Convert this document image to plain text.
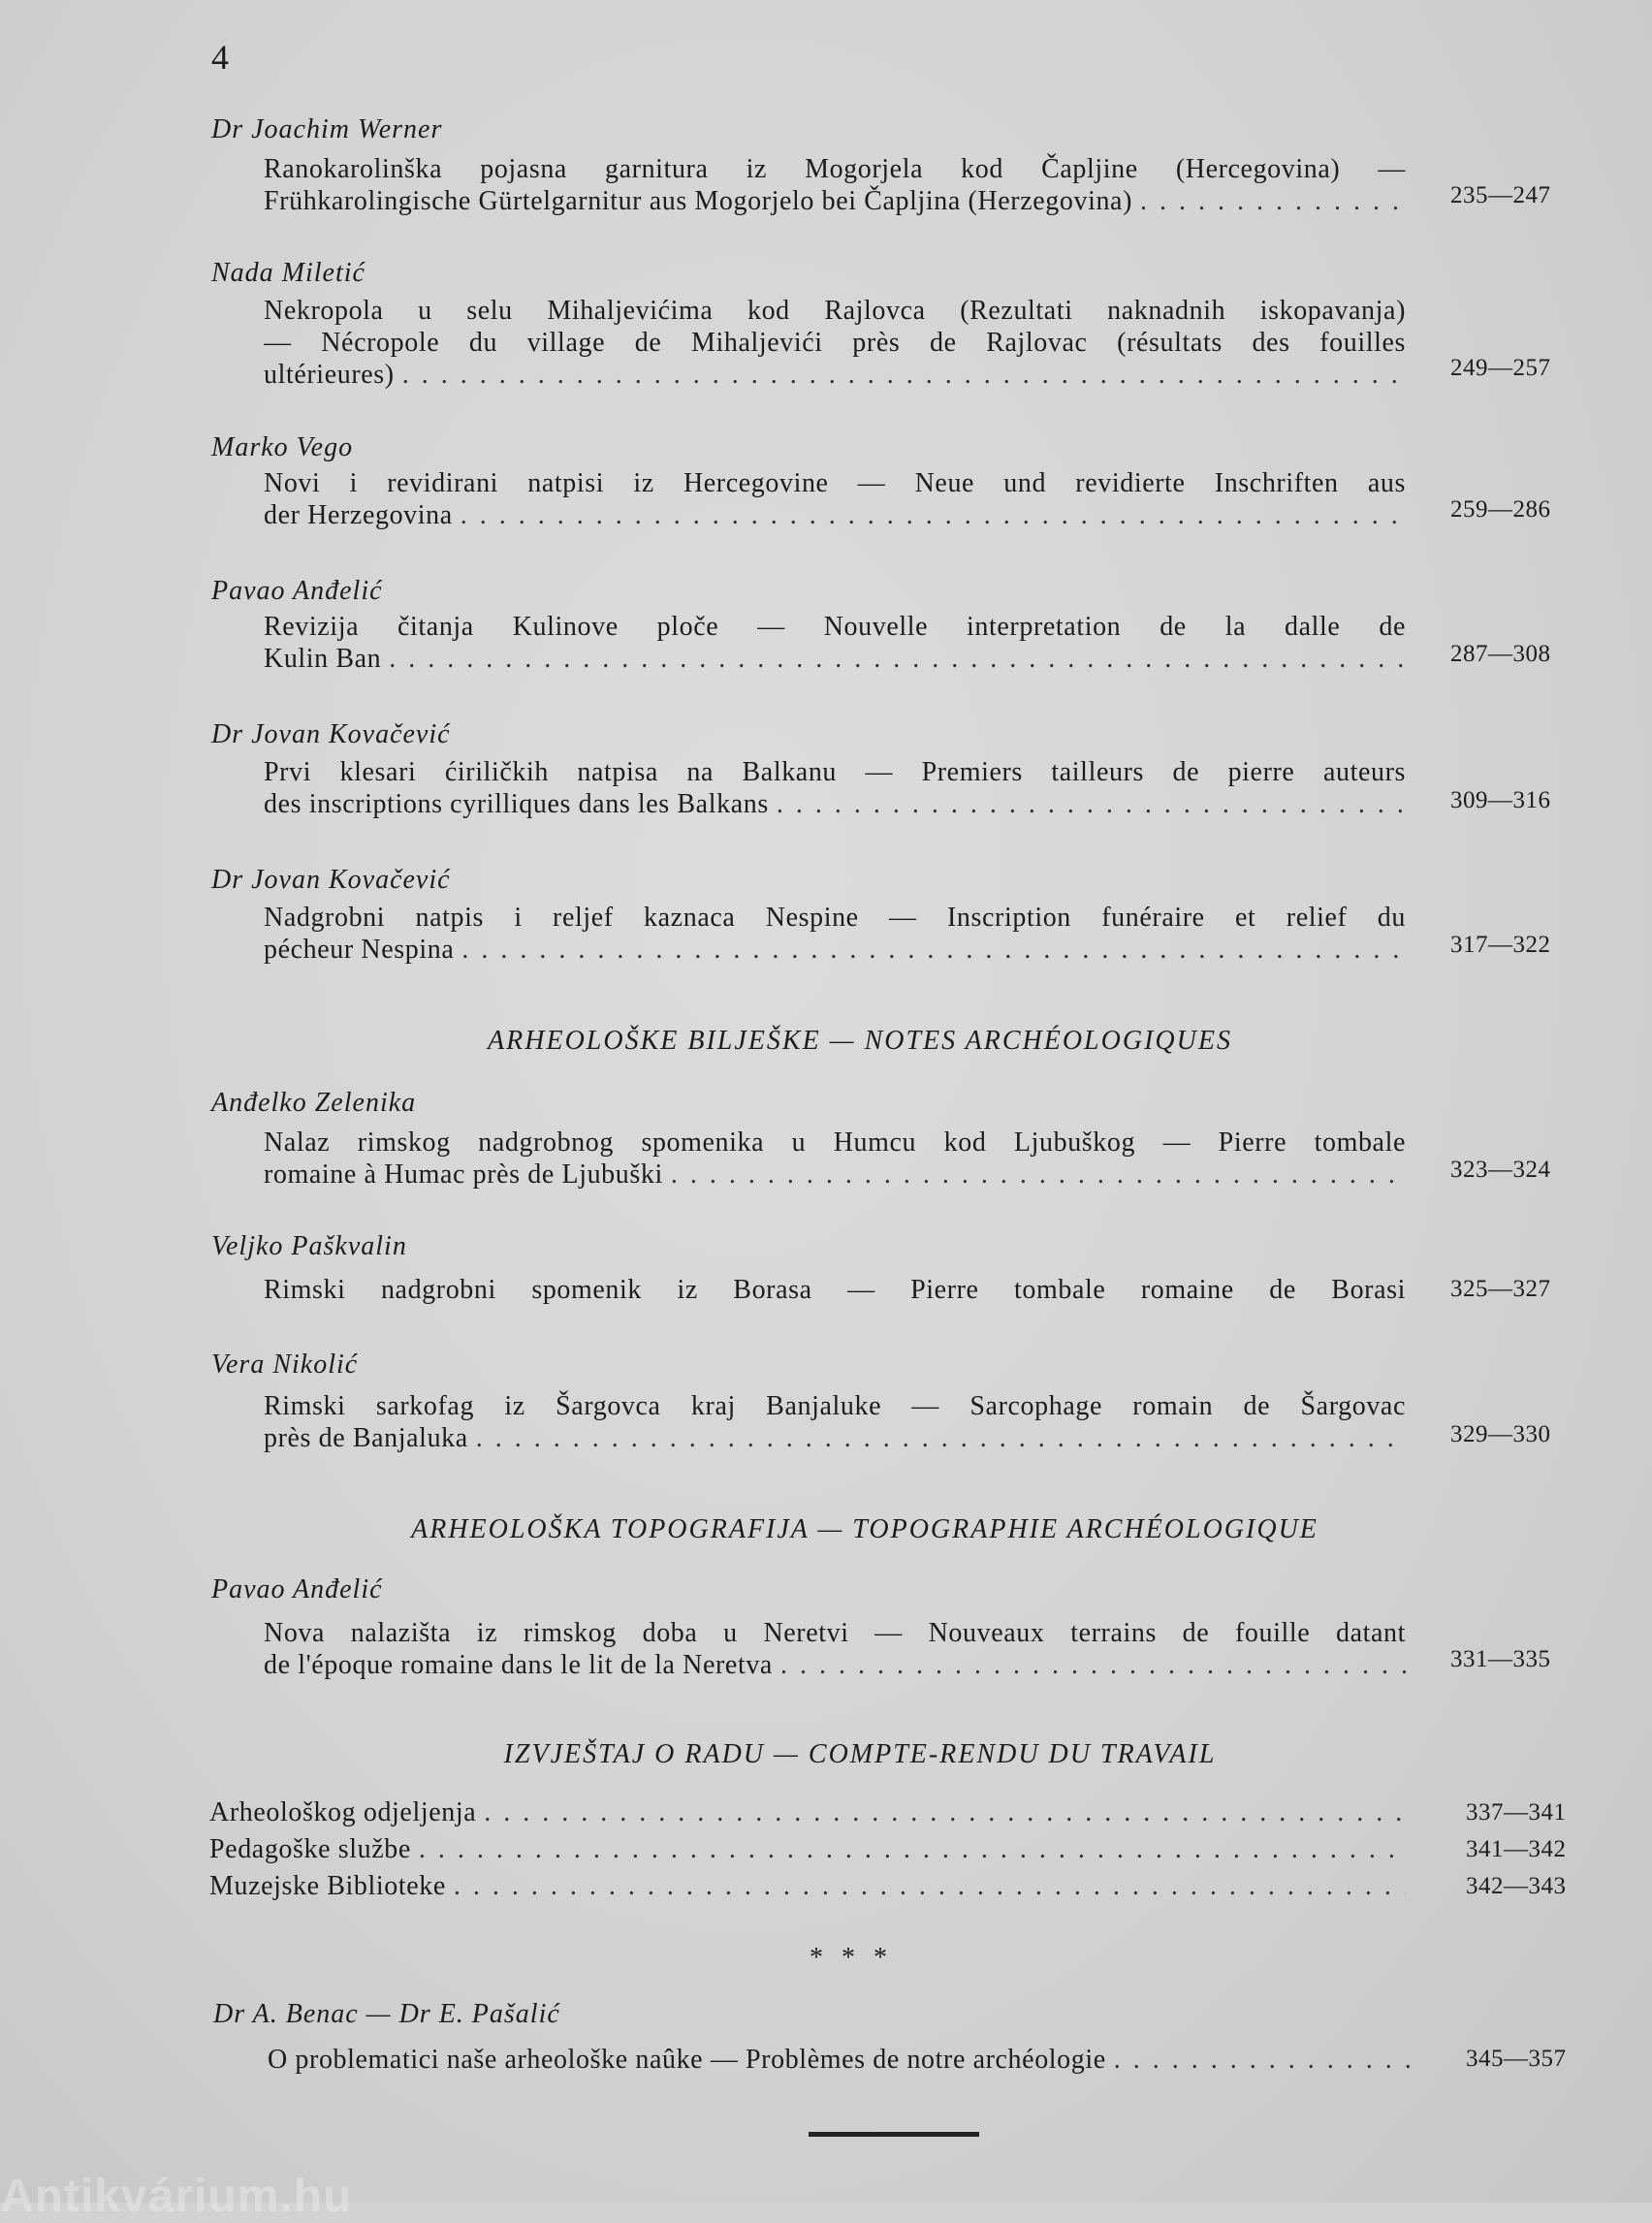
4
Dr Joachim Werner
Ranokarolinška pojasna garnitura iz Mogorjela kod Čapljine (Hercegovina) —
Frühkarolingische Gürtelgarnitur aus Mogorjelo bei Čapljina (Herzegovina) . . .	235—247
Nada Miletić
Nekropola u selu Mihaljevićima kod Rajlovca (Rezultati naknadnih iskopavanja)
— Nécropole du village de Mihaljevići près de Rajlovac (résultats des fouilles
ultérieures) . . .	249—257
Marko Vego
Novi i revidirani natpisi iz Hercegovine — Neue und revidierte Inschriften aus
der Herzegovina . . .	259—286
Pavao Anđelić
Revizija čitanja Kulinove ploče — Nouvelle interpretation de la dalle de
Kulin Ban . . .	287—308
Dr Jovan Kovačević
Prvi klesari ćiriličkih natpisa na Balkanu — Premiers tailleurs de pierre auteurs
des inscriptions cyrilliques dans les Balkans . . .	309—316
Dr Jovan Kovačević
Nadgrobni natpis i reljef kaznaca Nespine — Inscription funéraire et relief du
pécheur Nespina . . .	317—322
ARHEOLOŠKE BILJEŠKE — NOTES ARCHÉOLOGIQUES
Anđelko Zelenika
Nalaz rimskog nadgrobnog spomenika u Humcu kod Ljubuškog — Pierre tombale
romaine à Humac près de Ljubuški . . .	323—324
Veljko Paškvalin
Rimski nadgrobni spomenik iz Borasa — Pierre tombale romaine de Borasi 325—327
Vera Nikolić
Rimski sarkofag iz Šargovca kraj Banjaluke — Sarcophage romain de Šargovac
près de Banjaluka . . .	329—330
ARHEOLOŠKA TOPOGRAFIJA — TOPOGRAPHIE ARCHÉOLOGIQUE
Pavao Anđelić
Nova nalazišta iz rimskog doba u Neretvi — Nouveaux terrains de fouille datant
de l'époque romaine dans le lit de la Neretva . . .	331—335
IZVJEŠTAJ O RADU — COMPTE-RENDU DU TRAVAIL
Arheološkog odjeljenja . . .	337—341
Pedagoške službe . . .	341—342
Muzejske Biblioteke . . .	342—343
* * *
Dr A. Benac — Dr E. Pašalić
O problematici naše arheološke naûke — Problèmes de notre archéologie . . .	345—357
Antikvárium.hu
